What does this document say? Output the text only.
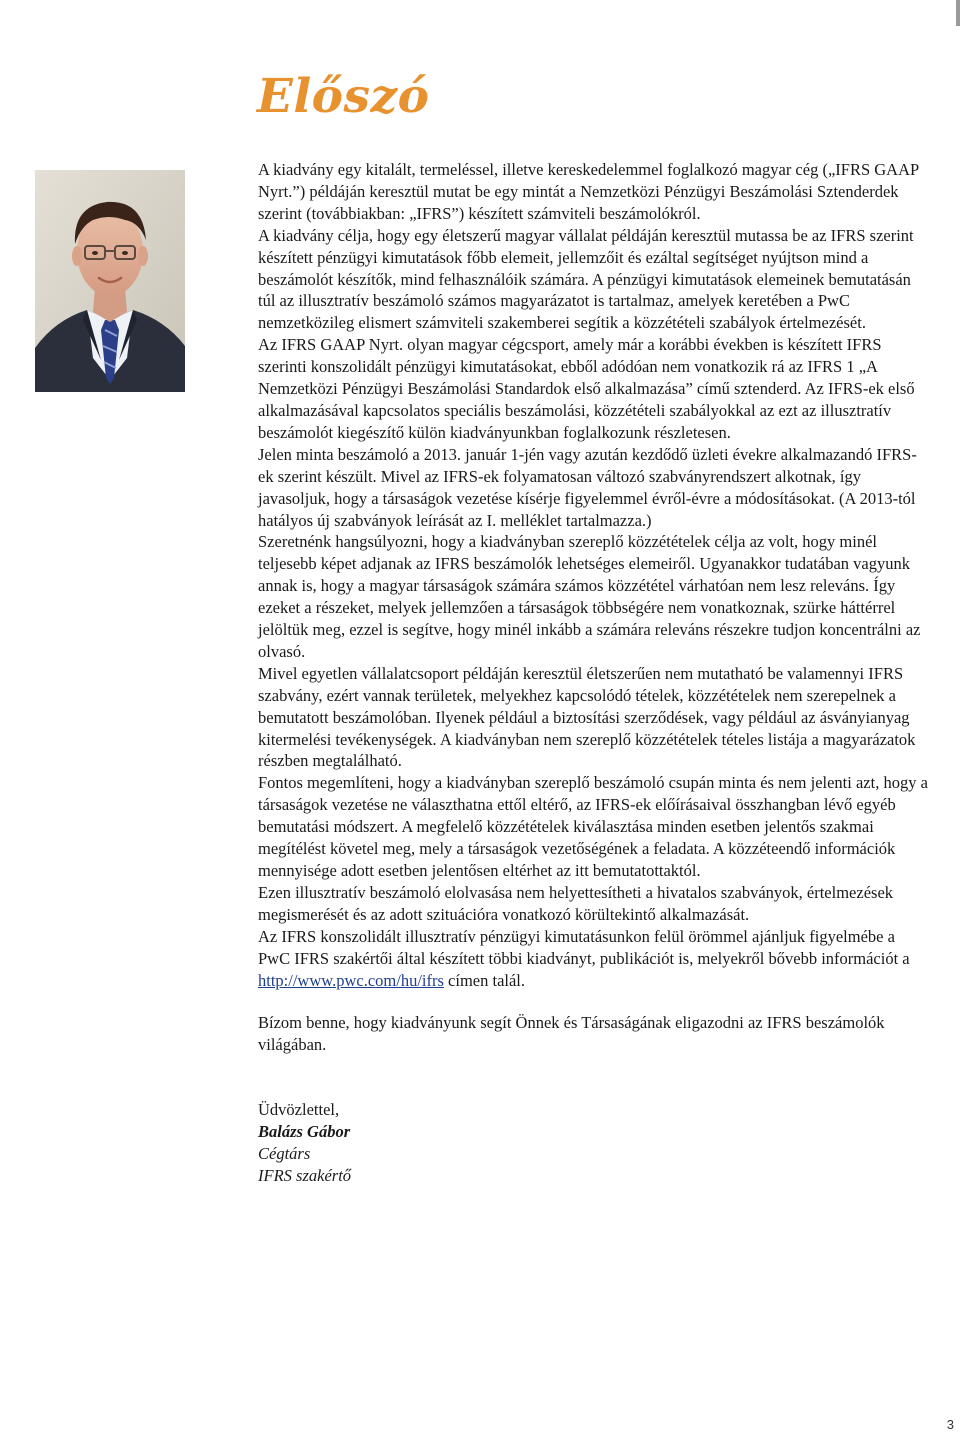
Előszó

A kiadvány egy kitalált, termeléssel, illetve kereskedelemmel foglalkozó magyar cég („IFRS GAAP Nyrt.”) példáján keresztül mutat be egy mintát a Nemzetközi Pénzügyi Beszámolási Sztenderdek szerint (továbbiakban: „IFRS”) készített számviteli beszámolókról.

A kiadvány célja, hogy egy életszerű magyar vállalat példáján keresztül mutassa be az IFRS szerint készített pénzügyi kimutatások főbb elemeit, jellemzőit és ezáltal segítséget nyújtson mind a beszámolót készítők, mind felhasználóik számára. A pénzügyi kimutatások elemeinek bemutatásán túl az illusztratív beszámoló számos magyarázatot is tartalmaz, amelyek keretében a PwC nemzetközileg elismert számviteli szakemberei segítik a közzétételi szabályok értelmezését.

Az IFRS GAAP Nyrt. olyan magyar cégcsport, amely már a korábbi években is készített IFRS szerinti konszolidált pénzügyi kimutatásokat, ebből adódóan nem vonatkozik rá az IFRS 1 „A Nemzetközi Pénzügyi Beszámolási Standardok első alkalmazása” című sztenderd. Az IFRS-ek első alkalmazásával kapcsolatos speciális beszámolási, közzétételi szabályokkal az ezt az illusztratív beszámolót kiegészítő külön kiadványunkban foglalkozunk részletesen.

Jelen minta beszámoló a 2013. január 1-jén vagy azután kezdődő üzleti évekre alkalmazandó IFRS-ek szerint készült. Mivel az IFRS-ek folyamatosan változó szabványrendszert alkotnak, így javasoljuk, hogy a társaságok vezetése kísérje figyelemmel évről-évre a módosításokat. (A 2013-tól hatályos új szabványok leírását az I. melléklet tartalmazza.)

Szeretnénk hangsúlyozni, hogy a kiadványban szereplő közzétételek célja az volt, hogy minél teljesebb képet adjanak az IFRS beszámolók lehetséges elemeiről. Ugyanakkor tudatában vagyunk annak is, hogy a magyar társaságok számára számos közzététel várhatóan nem lesz releváns. Így ezeket a részeket, melyek jellemzően a társaságok többségére nem vonatkoznak, szürke háttérrel jelöltük meg, ezzel is segítve, hogy minél inkább a számára releváns részekre tudjon koncentrálni az olvasó.

Mivel egyetlen vállalatcsoport példáján keresztül életszerűen nem mutatható be valamennyi IFRS szabvány, ezért vannak területek, melyekhez kapcsolódó tételek, közzétételek nem szerepelnek a bemutatott beszámolóban. Ilyenek például a biztosítási szerződések, vagy például az ásványianyag kitermelési tevékenységek. A kiadványban nem szereplő közzétételek tételes listája a magyarázatok részben megtalálható.

Fontos megemlíteni, hogy a kiadványban szereplő beszámoló csupán minta és nem jelenti azt, hogy a társaságok vezetése ne választhatna ettől eltérő, az IFRS-ek előírásaival összhangban lévő egyéb bemutatási módszert. A megfelelő közzétételek kiválasztása minden esetben jelentős szakmai megítélést követel meg, mely a társaságok vezetőségének a feladata. A közzéteendő információk mennyisége adott esetben jelentősen eltérhet az itt bemutatottaktól.

Ezen illusztratív beszámoló elolvasása nem helyettesítheti a hivatalos szabványok, értelmezések megismerését és az adott szituációra vonatkozó körültekintő alkalmazását.

Az IFRS konszolidált illusztratív pénzügyi kimutatásunkon felül örömmel ajánljuk figyelmébe a PwC IFRS szakértői által készített többi kiadványt, publikációt is, melyekről bővebb információt a http://www.pwc.com/hu/ifrs címen talál.

Bízom benne, hogy kiadványunk segít Önnek és Társaságának eligazodni az IFRS beszámolók világában.

Üdvözlettel,

Balázs Gábor

Cégtárs

IFRS szakértő

3
